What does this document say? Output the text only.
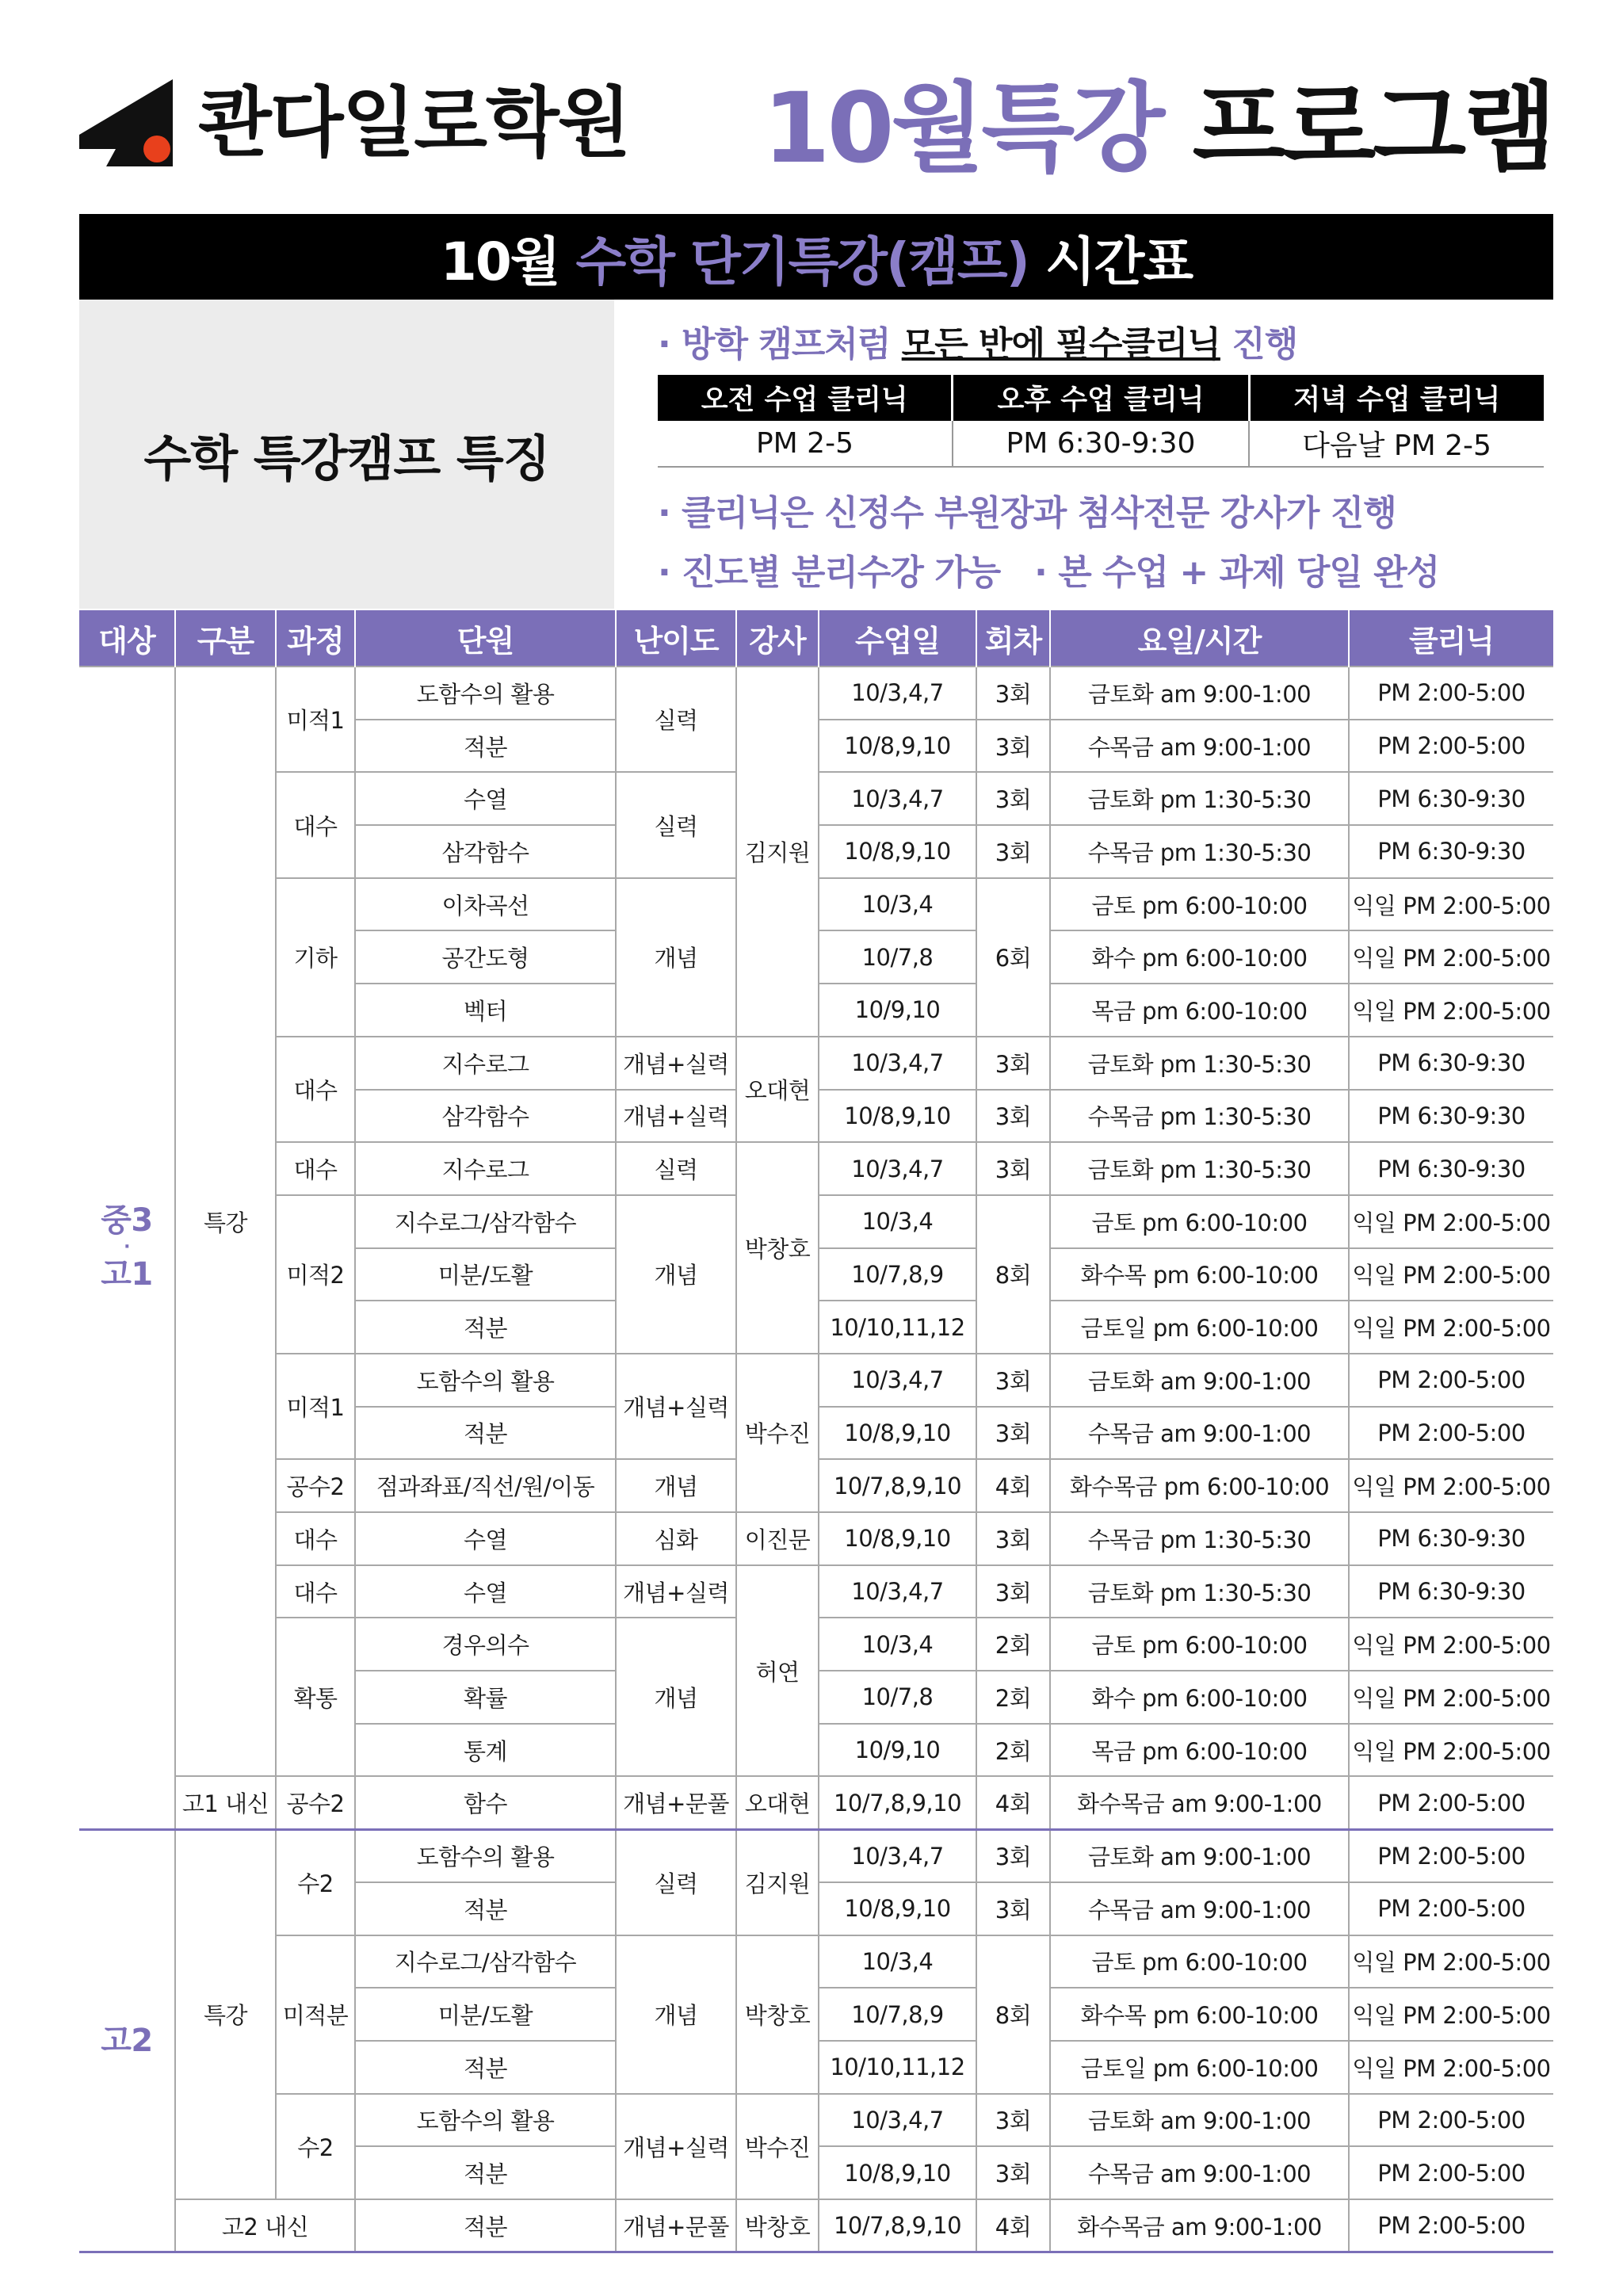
콴다일로학원 10월특강 프로그램
10월
수학 단기특강(캠프)
시간표
수학 특강캠프 특징
· 방학 캠프처럼 모든 반에 필수클리닉 진행
오전 수업 클리닉	오후 수업 클리닉	저녁 수업 클리닉
PM 2-5	PM 6:30-9:30	다음날 PM 2-5
· 클리닉은 신정수 부원장과 첨삭전문 강사가 진행
· 진도별 분리수강 가능   · 본 수업 + 과제 당일 완성
대상	구분	과정	단원	난이도	강사	수업일	회차	요일/시간	클리닉
중3
·
고1	특강	미적1	도함수의 활용	실력	김지원	10/3,4,7	3회	금토화 am 9:00-1:00	PM 2:00-5:00
			적분			10/8,9,10	3회	수목금 am 9:00-1:00	PM 2:00-5:00
		대수	수열	실력		10/3,4,7	3회	금토화 pm 1:30-5:30	PM 6:30-9:30
			삼각함수			10/8,9,10	3회	수목금 pm 1:30-5:30	PM 6:30-9:30
		기하	이차곡선	개념		10/3,4	6회	금토 pm 6:00-10:00	익일 PM 2:00-5:00
			공간도형			10/7,8		화수 pm 6:00-10:00	익일 PM 2:00-5:00
			벡터			10/9,10		목금 pm 6:00-10:00	익일 PM 2:00-5:00
		대수	지수로그	개념+실력	오대현	10/3,4,7	3회	금토화 pm 1:30-5:30	PM 6:30-9:30
			삼각함수	개념+실력		10/8,9,10	3회	수목금 pm 1:30-5:30	PM 6:30-9:30
		대수	지수로그	실력	박창호	10/3,4,7	3회	금토화 pm 1:30-5:30	PM 6:30-9:30
		미적2	지수로그/삼각함수	개념		10/3,4	8회	금토 pm 6:00-10:00	익일 PM 2:00-5:00
			미분/도활			10/7,8,9		화수목 pm 6:00-10:00	익일 PM 2:00-5:00
			적분			10/10,11,12		금토일 pm 6:00-10:00	익일 PM 2:00-5:00
		미적1	도함수의 활용	개념+실력	박수진	10/3,4,7	3회	금토화 am 9:00-1:00	PM 2:00-5:00
			적분			10/8,9,10	3회	수목금 am 9:00-1:00	PM 2:00-5:00
		공수2	점과좌표/직선/원/이동	개념		10/7,8,9,10	4회	화수목금 pm 6:00-10:00	익일 PM 2:00-5:00
		대수	수열	심화	이진문	10/8,9,10	3회	수목금 pm 1:30-5:30	PM 6:30-9:30
		대수	수열	개념+실력	허연	10/3,4,7	3회	금토화 pm 1:30-5:30	PM 6:30-9:30
		확통	경우의수	개념		10/3,4	2회	금토 pm 6:00-10:00	익일 PM 2:00-5:00
			확률			10/7,8	2회	화수 pm 6:00-10:00	익일 PM 2:00-5:00
			통계			10/9,10	2회	목금 pm 6:00-10:00	익일 PM 2:00-5:00
	고1 내신	공수2	함수	개념+문풀	오대현	10/7,8,9,10	4회	화수목금 am 9:00-1:00	PM 2:00-5:00
고2	특강	수2	도함수의 활용	실력	김지원	10/3,4,7	3회	금토화 am 9:00-1:00	PM 2:00-5:00
			적분			10/8,9,10	3회	수목금 am 9:00-1:00	PM 2:00-5:00
		미적분	지수로그/삼각함수	개념	박창호	10/3,4	8회	금토 pm 6:00-10:00	익일 PM 2:00-5:00
			미분/도활			10/7,8,9		화수목 pm 6:00-10:00	익일 PM 2:00-5:00
			적분			10/10,11,12		금토일 pm 6:00-10:00	익일 PM 2:00-5:00
		수2	도함수의 활용	개념+실력	박수진	10/3,4,7	3회	금토화 am 9:00-1:00	PM 2:00-5:00
			적분			10/8,9,10	3회	수목금 am 9:00-1:00	PM 2:00-5:00
	고2 내신		적분	개념+문풀	박창호	10/7,8,9,10	4회	화수목금 am 9:00-1:00	PM 2:00-5:00
